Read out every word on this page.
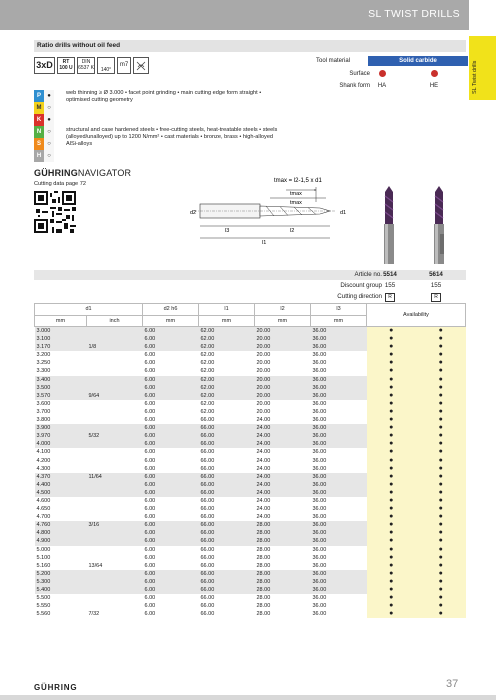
SL TWIST DRILLS
SL Twist drills
Ratio drills without oil feed
3xD	RT 100 U
DIN 6537 K 140°
m7
Tool material	Solid carbide
Surface
Shank form	HA	HE
P	●
M ○
K	●
N	○
S	○
H	○
web thinning ≥ Ø 3.000 • facet point grinding • main cutting edge form straight • optimised cutting geometry
structural and case hardened steels • free-cutting steels, heat-treatable steels • steels (alloyed/unalloyed) up to 1200 N/mm² • cast materials • bronze, brass • high-alloyed AlSi-alloys
GÜHRINGNAVIGATOR
Cutting data page 72	tmax = l2-1,5 x d1
tmax
tmax
d2	d1
l3	l2
l1
Article no. 5514	5614
Discount group 155	155
Cutting direction	R	R
d1		d2 h6	l1	l2	l3	Availability	
mm	inch	mm	mm	mm	mm		
3.000		6.00	62.00	20.00	36.00	●	●
3.100		6.00	62.00	20.00	36.00	●	●
3.170	1/8	6.00	62.00	20.00	36.00	●	●
3.200		6.00	62.00	20.00	36.00	●	●
3.250		6.00	62.00	20.00	36.00	●	●
3.300		6.00	62.00	20.00	36.00	●	●
3.400		6.00	62.00	20.00	36.00	●	●
3.500		6.00	62.00	20.00	36.00	●	●
3.570	9/64	6.00	62.00	20.00	36.00	●	●
3.600		6.00	62.00	20.00	36.00	●	●
3.700		6.00	62.00	20.00	36.00	●	●
3.800		6.00	66.00	24.00	36.00	●	●
3.900		6.00	66.00	24.00	36.00	●	●
3.970	5/32	6.00	66.00	24.00	36.00	●	●
4.000		6.00	66.00	24.00	36.00	●	●
4.100		6.00	66.00	24.00	36.00	●	●
4.200		6.00	66.00	24.00	36.00	●	●
4.300		6.00	66.00	24.00	36.00	●	●
4.370	11/64	6.00	66.00	24.00	36.00	●	●
4.400		6.00	66.00	24.00	36.00	●	●
4.500		6.00	66.00	24.00	36.00	●	●
4.600		6.00	66.00	24.00	36.00	●	●
4.650		6.00	66.00	24.00	36.00	●	●
4.700		6.00	66.00	24.00	36.00	●	●
4.760	3/16	6.00	66.00	28.00	36.00	●	●
4.800		6.00	66.00	28.00	36.00	●	●
4.900		6.00	66.00	28.00	36.00	●	●
5.000		6.00	66.00	28.00	36.00	●	●
5.100		6.00	66.00	28.00	36.00	●	●
5.160	13/64	6.00	66.00	28.00	36.00	●	●
5.200		6.00	66.00	28.00	36.00	●	●
5.300		6.00	66.00	28.00	36.00	●	●
5.400		6.00	66.00	28.00	36.00	●	●
5.500		6.00	66.00	28.00	36.00	●	●
5.550		6.00	66.00	28.00	36.00	●	●
5.560	7/32	6.00	66.00	28.00	36.00	●	●
GÜHRING	37
